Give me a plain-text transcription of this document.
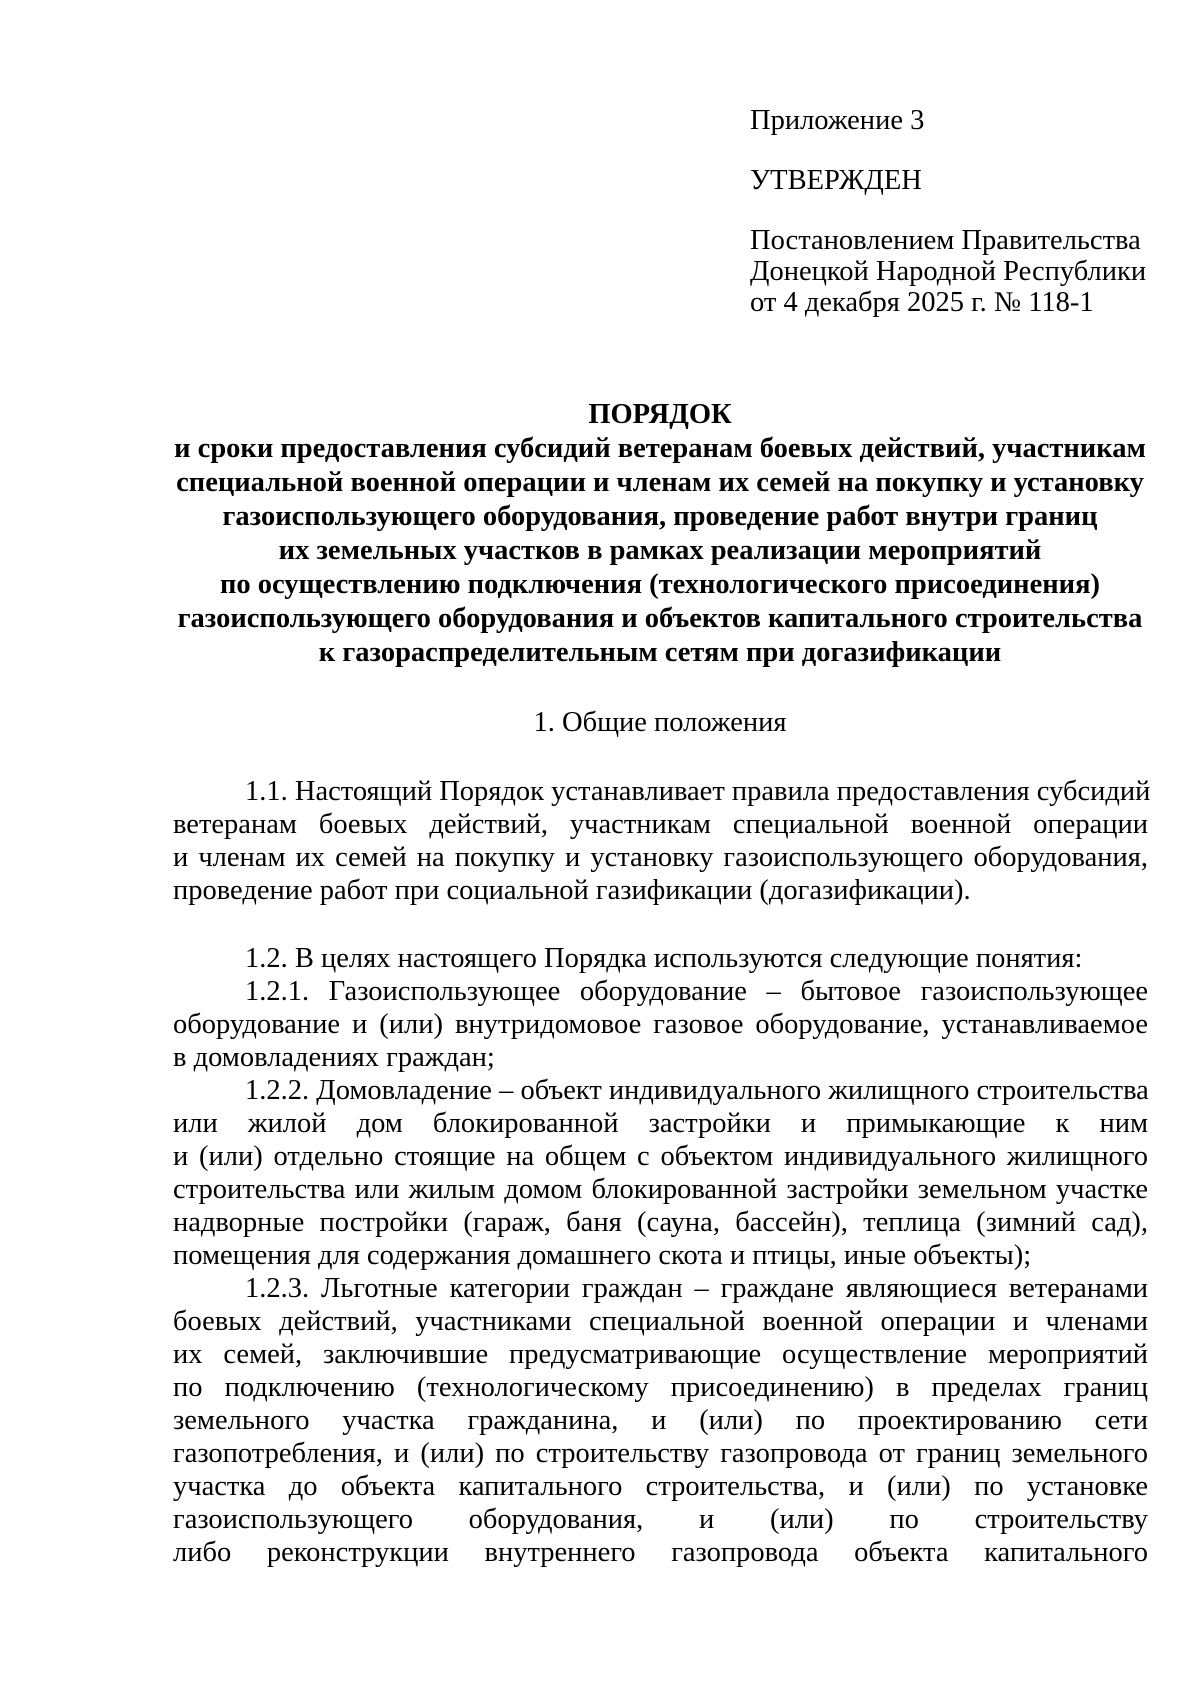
Приложение 3
УТВЕРЖДЕН
Постановлением Правительства
Донецкой Народной Республики
от 4 декабря 2025 г. № 118-1
ПОРЯДОК
и сроки предоставления субсидий ветеранам боевых действий, участникам
специальной военной операции и членам их семей на покупку и установку
газоиспользующего оборудования, проведение работ внутри границ
их земельных участков в рамках реализации мероприятий
по осуществлению подключения (технологического присоединения)
газоиспользующего оборудования и объектов капитального строительства
к газораспределительным сетям при догазификации
1. Общие положения
1.1. Настоящий Порядок устанавливает правила предоставления субсидий
ветеранам боевых действий, участникам специальной военной операции
и членам их семей на покупку и установку газоиспользующего оборудования,
проведение работ при социальной газификации (догазификации).
1.2. В целях настоящего Порядка используются следующие понятия:
1.2.1. Газоиспользующее оборудование – бытовое газоиспользующее
оборудование и (или) внутридомовое газовое оборудование, устанавливаемое
в домовладениях граждан;
1.2.2. Домовладение – объект индивидуального жилищного строительства
или жилой дом блокированной застройки и примыкающие к ним
и (или) отдельно стоящие на общем с объектом индивидуального жилищного
строительства или жилым домом блокированной застройки земельном участке
надворные постройки (гараж, баня (сауна, бассейн), теплица (зимний сад),
помещения для содержания домашнего скота и птицы, иные объекты);
1.2.3. Льготные категории граждан – граждане являющиеся ветеранами
боевых действий, участниками специальной военной операции и членами
их семей, заключившие предусматривающие осуществление мероприятий
по подключению (технологическому присоединению) в пределах границ
земельного участка гражданина, и (или) по проектированию сети
газопотребления, и (или) по строительству газопровода от границ земельного
участка до объекта капитального строительства, и (или) по установке
газоиспользующего оборудования, и (или) по строительству
либо реконструкции внутреннего газопровода объекта капитального
